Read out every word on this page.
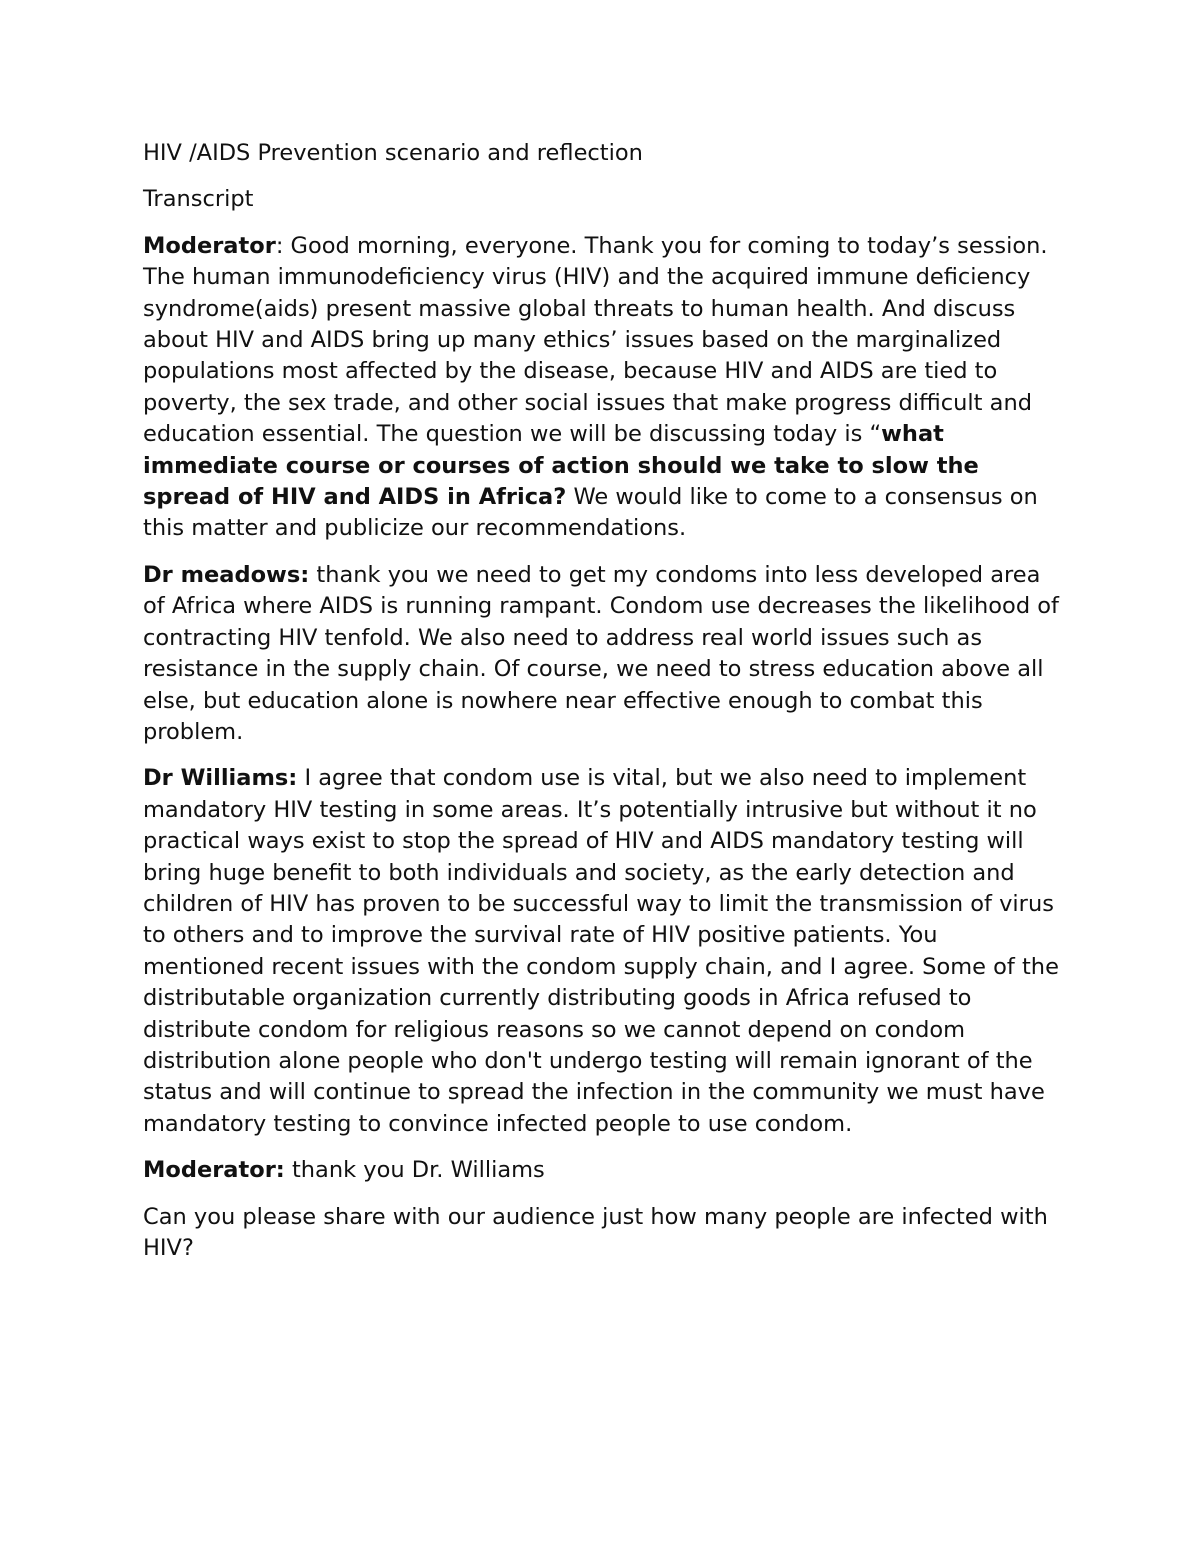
HIV /AIDS Prevention scenario and reflection

Transcript

Moderator: Good morning, everyone. Thank you for coming to today’s session. The human immunodeficiency virus (HIV) and the acquired immune deficiency syndrome(aids) present massive global threats to human health. And discuss about HIV and AIDS bring up many ethics’ issues based on the marginalized populations most affected by the disease, because HIV and AIDS are tied to poverty, the sex trade, and other social issues that make progress difficult and education essential. The question we will be discussing today is “what immediate course or courses of action should we take to slow the spread of HIV and AIDS in Africa? We would like to come to a consensus on this matter and publicize our recommendations.

Dr meadows: thank you we need to get my condoms into less developed area of Africa where AIDS is running rampant. Condom use decreases the likelihood of contracting HIV tenfold. We also need to address real world issues such as resistance in the supply chain. Of course, we need to stress education above all else, but education alone is nowhere near effective enough to combat this problem.

Dr Williams: I agree that condom use is vital, but we also need to implement mandatory HIV testing in some areas. It’s potentially intrusive but without it no practical ways exist to stop the spread of HIV and AIDS mandatory testing will bring huge benefit to both individuals and society, as the early detection and children of HIV has proven to be successful way to limit the transmission of virus to others and to improve the survival rate of HIV positive patients. You mentioned recent issues with the condom supply chain, and I agree. Some of the distributable organization currently distributing goods in Africa refused to distribute condom for religious reasons so we cannot depend on condom distribution alone people who don't undergo testing will remain ignorant of the status and will continue to spread the infection in the community we must have mandatory testing to convince infected people to use condom.

Moderator: thank you Dr. Williams

Can you please share with our audience just how many people are infected with HIV?
